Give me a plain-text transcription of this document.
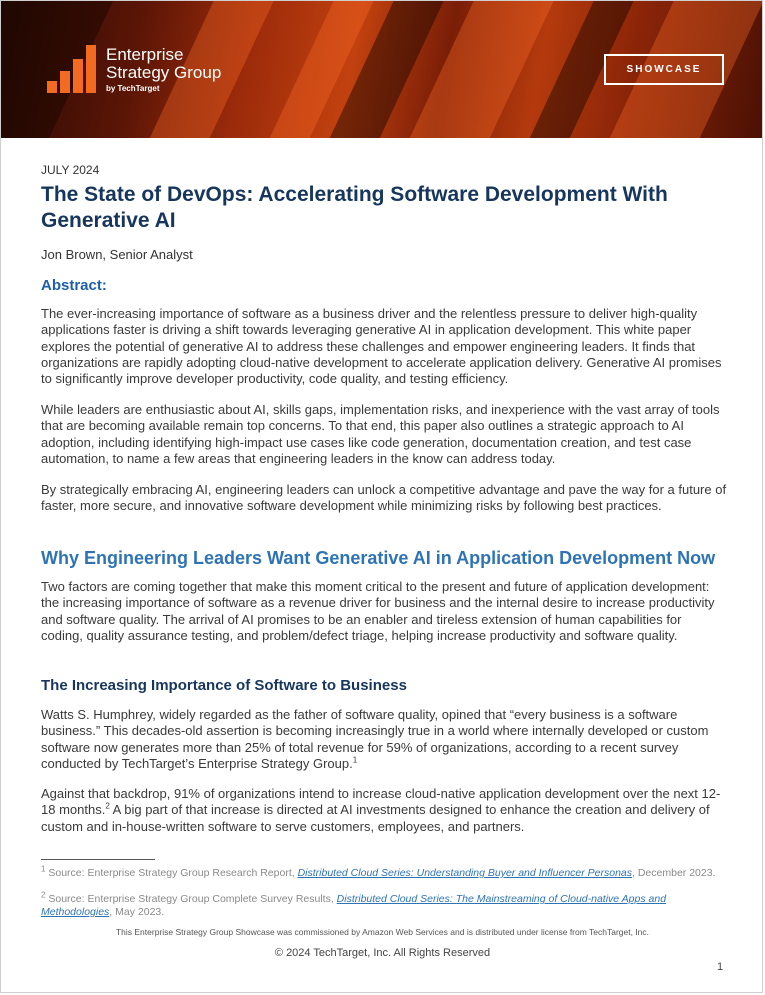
Enterprise
Strategy Group
by TechTarget
SHOWCASE
JULY 2024
The State of DevOps: Accelerating Software Development With Generative AI
Jon Brown, Senior Analyst
Abstract:

The ever-increasing importance of software as a business driver and the relentless pressure to deliver high-quality applications faster is driving a shift towards leveraging generative AI in application development. This white paper explores the potential of generative AI to address these challenges and empower engineering leaders. It finds that organizations are rapidly adopting cloud-native development to accelerate application delivery. Generative AI promises to significantly improve developer productivity, code quality, and testing efficiency.

While leaders are enthusiastic about AI, skills gaps, implementation risks, and inexperience with the vast array of tools that are becoming available remain top concerns. To that end, this paper also outlines a strategic approach to AI adoption, including identifying high-impact use cases like code generation, documentation creation, and test case automation, to name a few areas that engineering leaders in the know can address today.

By strategically embracing AI, engineering leaders can unlock a competitive advantage and pave the way for a future of faster, more secure, and innovative software development while minimizing risks by following best practices.

Why Engineering Leaders Want Generative AI in Application Development Now

Two factors are coming together that make this moment critical to the present and future of application development: the increasing importance of software as a revenue driver for business and the internal desire to increase productivity and software quality. The arrival of AI promises to be an enabler and tireless extension of human capabilities for coding, quality assurance testing, and problem/defect triage, helping increase productivity and software quality.

The Increasing Importance of Software to Business

Watts S. Humphrey, widely regarded as the father of software quality, opined that “every business is a software business.” This decades-old assertion is becoming increasingly true in a world where internally developed or custom software now generates more than 25% of total revenue for 59% of organizations, according to a recent survey conducted by TechTarget’s Enterprise Strategy Group.$^1$

Against that backdrop, 91% of organizations intend to increase cloud-native application development over the next 12-18 months.$^2$ A big part of that increase is directed at AI investments designed to enhance the creation and delivery of custom and in-house-written software to serve customers, employees, and partners.

$^1$ Source: Enterprise Strategy Group Research Report, Distributed Cloud Series: Understanding Buyer and Influencer Personas, December 2023.
$^2$ Source: Enterprise Strategy Group Complete Survey Results, Distributed Cloud Series: The Mainstreaming of Cloud-native Apps and Methodologies, May 2023.
This Enterprise Strategy Group Showcase was commissioned by Amazon Web Services and is distributed under license from TechTarget, Inc.
© 2024 TechTarget, Inc. All Rights Reserved
1
